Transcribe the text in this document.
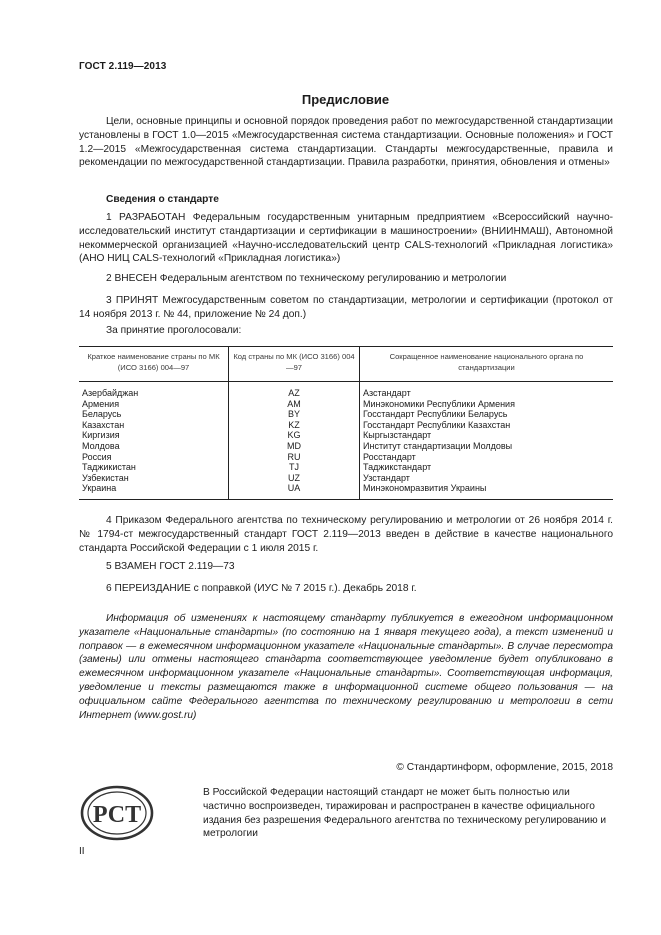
ГОСТ 2.119—2013
Предисловие
Цели, основные принципы и основной порядок проведения работ по межгосударственной стандартизации установлены в ГОСТ 1.0—2015 «Межгосударственная система стандартизации. Основные положения» и ГОСТ 1.2—2015 «Межгосударственная система стандартизации. Стандарты межгосударственные, правила и рекомендации по межгосударственной стандартизации. Правила разработки, принятия, обновления и отмены»
Сведения о стандарте
1 РАЗРАБОТАН Федеральным государственным унитарным предприятием «Всероссийский научно-исследовательский институт стандартизации и сертификации в машиностроении» (ВНИИНМАШ), Автономной некоммерческой организацией «Научно-исследовательский центр CALS-технологий «Прикладная логистика» (АНО НИЦ CALS-технологий «Прикладная логистика»)
2 ВНЕСЕН Федеральным агентством по техническому регулированию и метрологии
3 ПРИНЯТ Межгосударственным советом по стандартизации, метрологии и сертификации (протокол от 14 ноября 2013 г. № 44, приложение № 24 доп.)
За принятие проголосовали:
Краткое наименование страны по МК (ИСО 3166) 004—97	Код страны по МК (ИСО 3166) 004—97	Сокращенное наименование национального органа по стандартизации
Азербайджан	AZ	Азстандарт
Армения	AM	Минэкономики Республики Армения
Беларусь	BY	Госстандарт Республики Беларусь
Казахстан	KZ	Госстандарт Республики Казахстан
Киргизия	KG	Кыргызстандарт
Молдова	MD	Институт стандартизации Молдовы
Россия	RU	Росстандарт
Таджикистан	TJ	Таджикстандарт
Узбекистан	UZ	Узстандарт
Украина	UA	Минэкономразвития Украины
4 Приказом Федерального агентства по техническому регулированию и метрологии от 26 ноября 2014 г. № 1794-ст межгосударственный стандарт ГОСТ 2.119—2013 введен в действие в качестве национального стандарта Российской Федерации с 1 июля 2015 г.
5 ВЗАМЕН ГОСТ 2.119—73
6 ПЕРЕИЗДАНИЕ с поправкой (ИУС № 7 2015 г.). Декабрь 2018 г.
Информация об изменениях к настоящему стандарту публикуется в ежегодном информационном указателе «Национальные стандарты» (по состоянию на 1 января текущего года), а текст изменений и поправок — в ежемесячном информационном указателе «Национальные стандарты». В случае пересмотра (замены) или отмены настоящего стандарта соответствующее уведомление будет опубликовано в ежемесячном информационном указателе «Национальные стандарты». Соответствующая информация, уведомление и тексты размещаются также в информационной системе общего пользования — на официальном сайте Федерального агентства по техническому регулированию и метрологии в сети Интернет (www.gost.ru)
© Стандартинформ, оформление, 2015, 2018
РСТ
В Российской Федерации настоящий стандарт не может быть полностью или частично воспроизведен, тиражирован и распространен в качестве официального издания без разрешения Федерального агентства по техническому регулированию и метрологии
II
